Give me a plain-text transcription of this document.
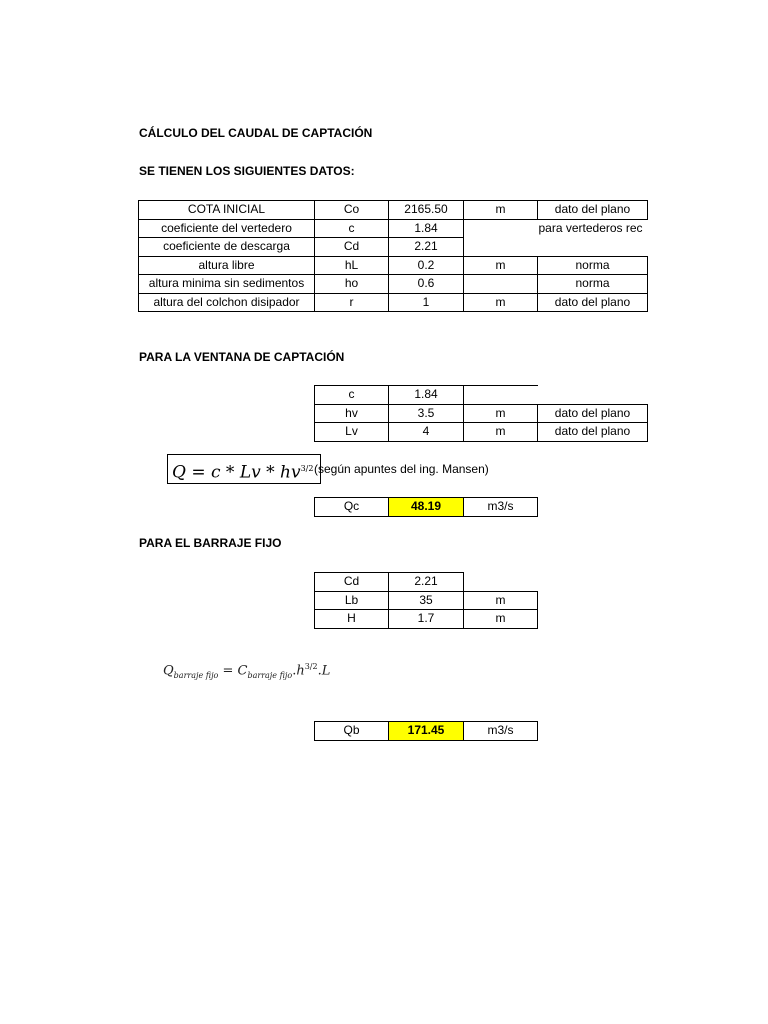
CÁLCULO DEL CAUDAL DE CAPTACIÓN
SE TIENEN LOS SIGUIENTES DATOS:
COTA INICIAL	Co	2165.50	m	dato del plano
coeficiente del vertedero	c	1.84		para vertederos rec
coeficiente de descarga	Cd	2.21		
altura libre	hL	0.2	m	norma
altura minima sin sedimentos	ho	0.6		norma
altura del colchon disipador	r	1	m	dato del plano
PARA LA VENTANA DE CAPTACIÓN
c	1.84		
hv	3.5	m	dato del plano
Lv	4	m	dato del plano
$Q = c * Lv * hv^{3/2}$ (según apuntes del ing. Mansen)
Qc	48.19	m3/s
PARA EL BARRAJE FIJO
Cd	2.21	
Lb	35	m
H	1.7	m
$Q_{barraje fijo} = C_{barraje fijo}.h^{3/2}.L$
Qb	171.45	m3/s
